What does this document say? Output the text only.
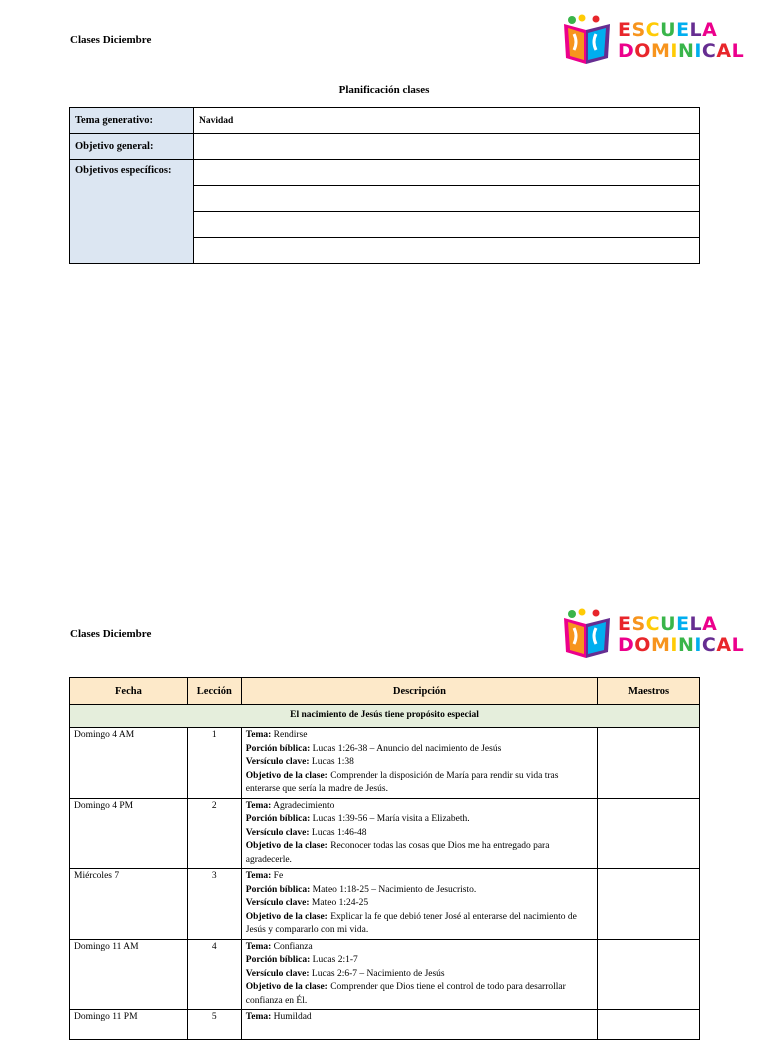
Clases Diciembre	ESCUELA
DOMINICAL
Planificación clases
Tema generativo:	Navidad
Objetivo general:	
Objetivos específicos:	

Clases Diciembre	ESCUELA
DOMINICAL
Fecha	Lección	Descripción	Maestros
El nacimiento de Jesús tiene propósito especial			
Domingo 4 AM	1	Tema: Rendirse
Porción bíblica: Lucas 1:26-38 – Anuncio del nacimiento de Jesús
Versículo clave: Lucas 1:38
Objetivo de la clase: Comprender la disposición de María para rendir su vida tras enterarse que sería la madre de Jesús.	

Domingo 4 PM	2	Tema: Agradecimiento
Porción bíblica: Lucas 1:39-56 – María visita a Elizabeth.
Versículo clave: Lucas 1:46-48
Objetivo de la clase: Reconocer todas las cosas que Dios me ha entregado para agradecerle.	

Miércoles 7	3	Tema: Fe
Porción bíblica: Mateo 1:18-25 – Nacimiento de Jesucristo.
Versículo clave: Mateo 1:24-25
Objetivo de la clase: Explicar la fe que debió tener José al enterarse del nacimiento de Jesús y compararlo con mi vida.	

Domingo 11 AM	4	Tema: Confianza
Porción bíblica: Lucas 2:1-7
Versículo clave: Lucas 2:6-7 – Nacimiento de Jesús
Objetivo de la clase: Comprender que Dios tiene el control de todo para desarrollar confianza en Él.	

Domingo 11 PM	5	Tema: Humildad	
